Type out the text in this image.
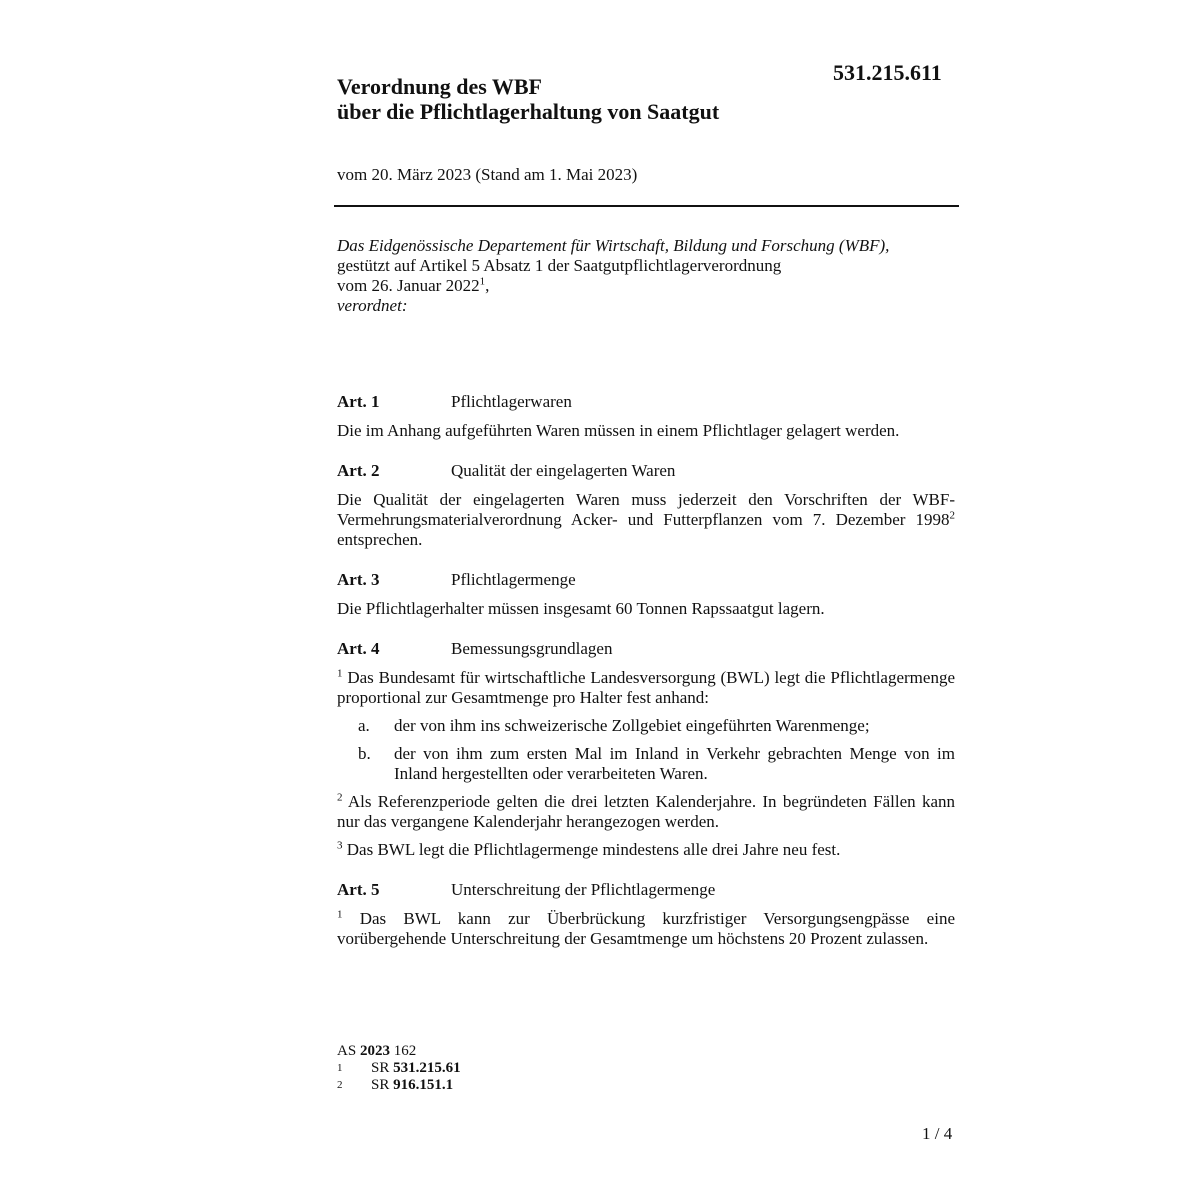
531.215.611
Verordnung des WBF
über die Pflichtlagerhaltung von Saatgut
vom 20. März 2023 (Stand am 1. Mai 2023)
Das Eidgenössische Departement für Wirtschaft, Bildung und Forschung (WBF),
gestützt auf Artikel 5 Absatz 1 der Saatgutpflichtlagerverordnung
vom 26. Januar 2022$^1$,
verordnet:
Art. 1	Pflichtlagerwaren
Die im Anhang aufgeführten Waren müssen in einem Pflichtlager gelagert werden.
Art. 2	Qualität der eingelagerten Waren
Die Qualität der eingelagerten Waren muss jederzeit den Vorschriften der WBF-Vermehrungsmaterialverordnung Acker- und Futterpflanzen vom 7. Dezember 1998$^2$ entsprechen.
Art. 3	Pflichtlagermenge
Die Pflichtlagerhalter müssen insgesamt 60 Tonnen Rapssaatgut lagern.
Art. 4	Bemessungsgrundlagen
$^1$ Das Bundesamt für wirtschaftliche Landesversorgung (BWL) legt die Pflichtlagermenge proportional zur Gesamtmenge pro Halter fest anhand:
a.	der von ihm ins schweizerische Zollgebiet eingeführten Warenmenge;
b.	der von ihm zum ersten Mal im Inland in Verkehr gebrachten Menge von im Inland hergestellten oder verarbeiteten Waren.
$^2$ Als Referenzperiode gelten die drei letzten Kalenderjahre. In begründeten Fällen kann nur das vergangene Kalenderjahr herangezogen werden.
$^3$ Das BWL legt die Pflichtlagermenge mindestens alle drei Jahre neu fest.
Art. 5	Unterschreitung der Pflichtlagermenge
$^1$ Das BWL kann zur Überbrückung kurzfristiger Versorgungsengpässe eine vorübergehende Unterschreitung der Gesamtmenge um höchstens 20 Prozent zulassen.
AS 2023 162
1	SR 531.215.61
2	SR 916.151.1
1 / 4
